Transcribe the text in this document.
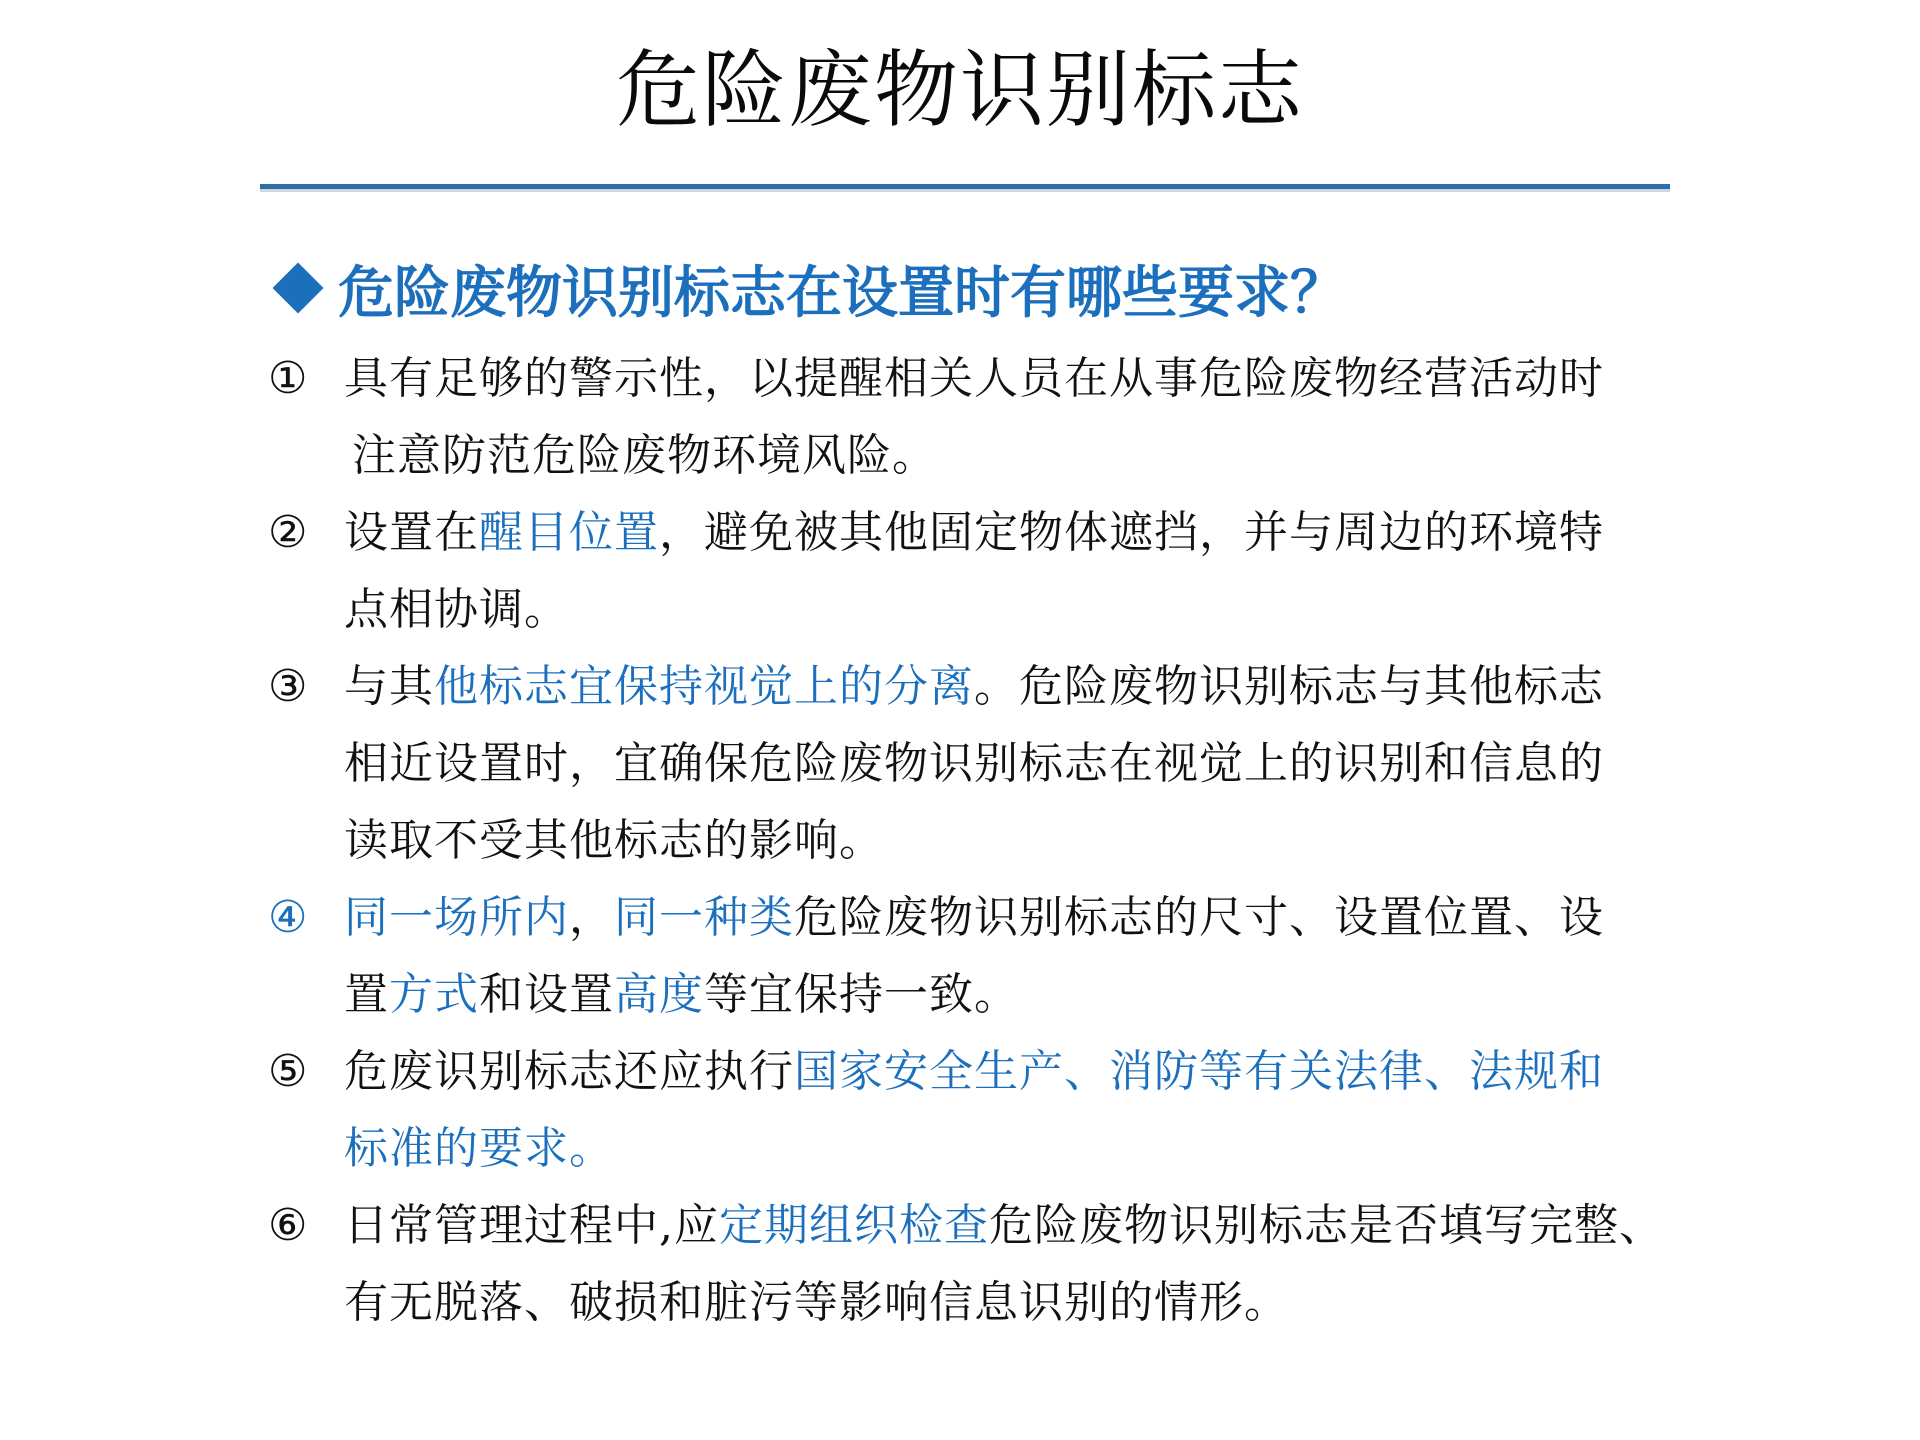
危险废物识别标志
危险废物识别标志在设置时有哪些要求？
① 具有足够的警示性，以提醒相关人员在从事危险废物经营活动时
注意防范危险废物环境风险。
② 设置在醒目位置，避免被其他固定物体遮挡，并与周边的环境特
点相协调。
③ 与其他标志宜保持视觉上的分离。危险废物识别标志与其他标志
相近设置时，宜确保危险废物识别标志在视觉上的识别和信息的
读取不受其他标志的影响。
④ 同一场所内，同一种类危险废物识别标志的尺寸、设置位置、设
置方式和设置高度等宜保持一致。
⑤ 危废识别标志还应执行国家安全生产、消防等有关法律、法规和
标准的要求。
⑥ 日常管理过程中,应定期组织检查危险废物识别标志是否填写完整、
有无脱落、破损和脏污等影响信息识别的情形。
